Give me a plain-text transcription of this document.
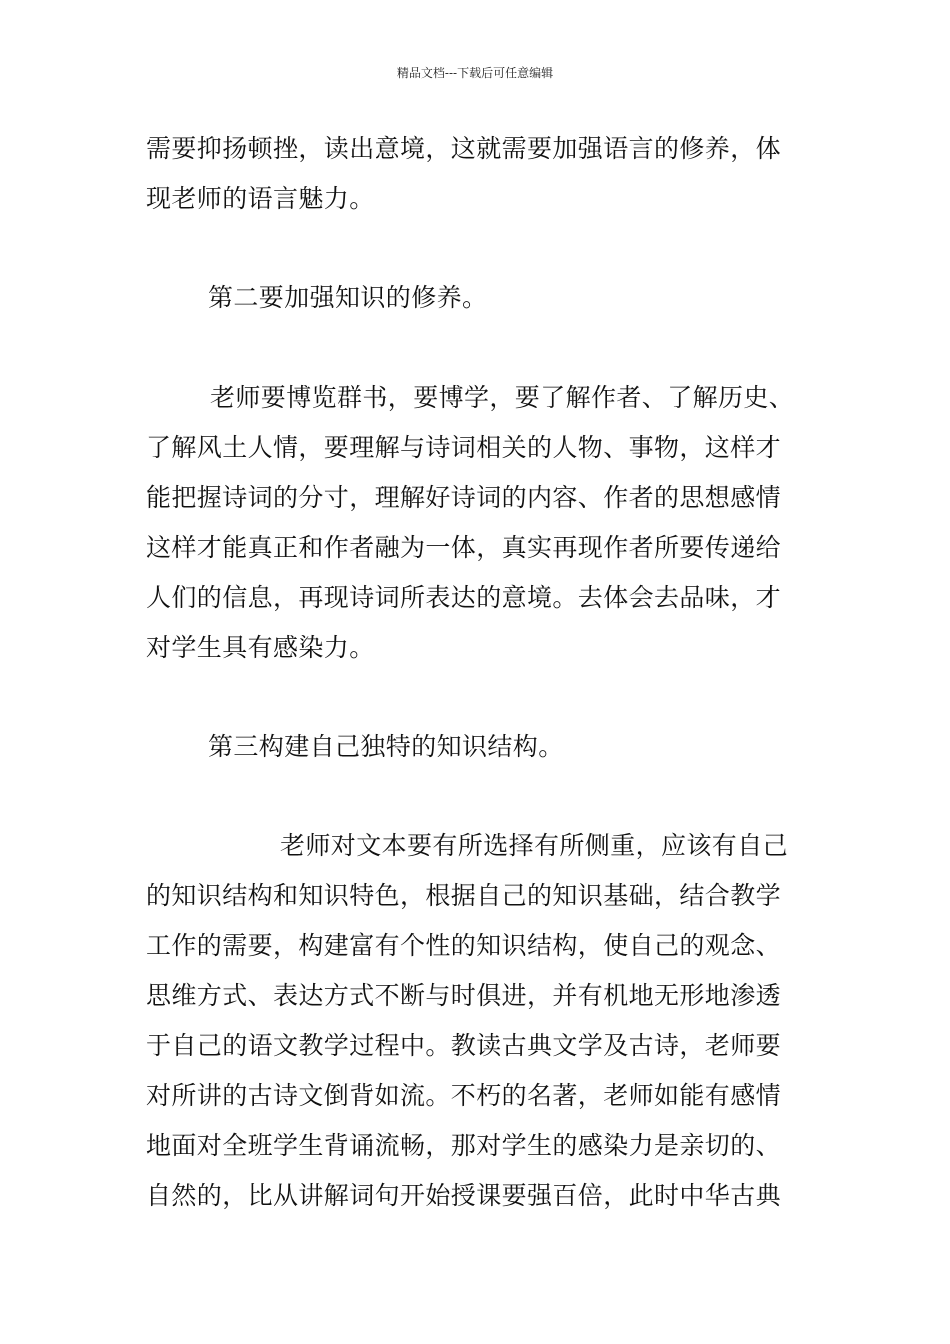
精品文档---下载后可任意编辑
需要抑扬顿挫，读出意境，这就需要加强语言的修养，体
现老师的语言魅力。
第二要加强知识的修养。
老师要博览群书，要博学，要了解作者、了解历史、
了解风土人情，要理解与诗词相关的人物、事物，这样才
能把握诗词的分寸，理解好诗词的内容、作者的思想感情
这样才能真正和作者融为一体，真实再现作者所要传递给
人们的信息，再现诗词所表达的意境。去体会去品味，才
对学生具有感染力。
第三构建自己独特的知识结构。
老师对文本要有所选择有所侧重，应该有自己
的知识结构和知识特色，根据自己的知识基础，结合教学
工作的需要，构建富有个性的知识结构，使自己的观念、
思维方式、表达方式不断与时俱进，并有机地无形地渗透
于自己的语文教学过程中。教读古典文学及古诗，老师要
对所讲的古诗文倒背如流。不朽的名著，老师如能有感情
地面对全班学生背诵流畅，那对学生的感染力是亲切的、
自然的，比从讲解词句开始授课要强百倍，此时中华古典
